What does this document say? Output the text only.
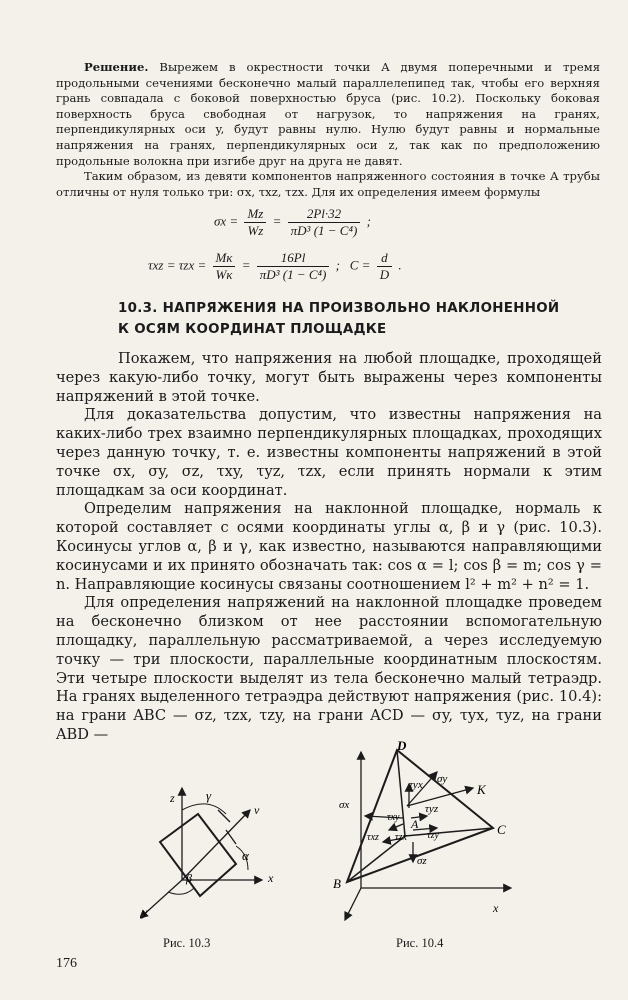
Решение. Вырежем в окрестности точки A двумя поперечными и тремя продольными сечениями бесконечно малый параллелепипед так, чтобы его верхняя грань совпадала с боковой поверхностью бруса (рис. 10.2). Поскольку боковая поверхность бруса свободная от нагрузок, то напряжения на гранях, перпендикулярных оси y, будут равны нулю. Нулю будут равны и нормальные напряжения на гранях, перпендикулярных оси z, так как по предположению продольные волокна при изгибе друг на друга не давят.

Таким образом, из девяти компонентов напряженного состояния в точке A трубы отличны от нуля только три: σx, τxz, τzx. Для их определения имеем формулы

$\sigma x = \frac{Mz}{Wz} = \frac{2Pl\cdot 32}{\text{πD³ (1 − C⁴)}}$ ;
$\tau xz = \tau zx = \frac{Mк}{Wк} = \frac{16Pl}{\text{πD³ (1 − C⁴)}}$ ; $C = \frac{d}{D}$ .
10.3. НАПРЯЖЕНИЯ НА ПРОИЗВОЛЬНО НАКЛОНЕННОЙ
К ОСЯМ КООРДИНАТ ПЛОЩАДКЕ

Покажем, что напряжения на любой площадке, проходящей через какую-либо точку, могут быть выражены через компоненты напряжений в этой точке.

Для доказательства допустим, что известны напряжения на каких-либо трех взаимно перпендикулярных площадках, проходящих через данную точку, т. е. известны компоненты напряжений в этой точке σx, σy, σz, τxy, τyz, τzx, если принять нормали к этим площадкам за оси координат.

Определим напряжения на наклонной площадке, нормаль к которой составляет с осями координаты углы α, β и γ (рис. 10.3). Косинусы углов α, β и γ, как известно, называются направляющими косинусами и их принято обозначать так: cos α = l; cos β = m; cos γ = n. Направляющие косинусы связаны соотношением l² + m² + n² = 1.

Для определения напряжений на наклонной площадке проведем на бесконечно близком от нее расстоянии вспомогательную площадку, параллельную рассматриваемой, а через исследуемую точку — три плоскости, параллельные координатным плоскостям. Эти четыре плоскости выделят из тела бесконечно малый тетраэдр. На гранях выделенного тетраэдра действуют напряжения (рис. 10.4): на грани ABC — σz, τzx, τzy, на грани ACD — σy, τyx, τyz, на грани ABD —

z
ν
x
y
γ
α
β
Рис. 10.3
D
A
B
C
K
σy
σx
σz
τyx
τyz
τxy
τxz τzx τzy
x
Рис. 10.4
176
